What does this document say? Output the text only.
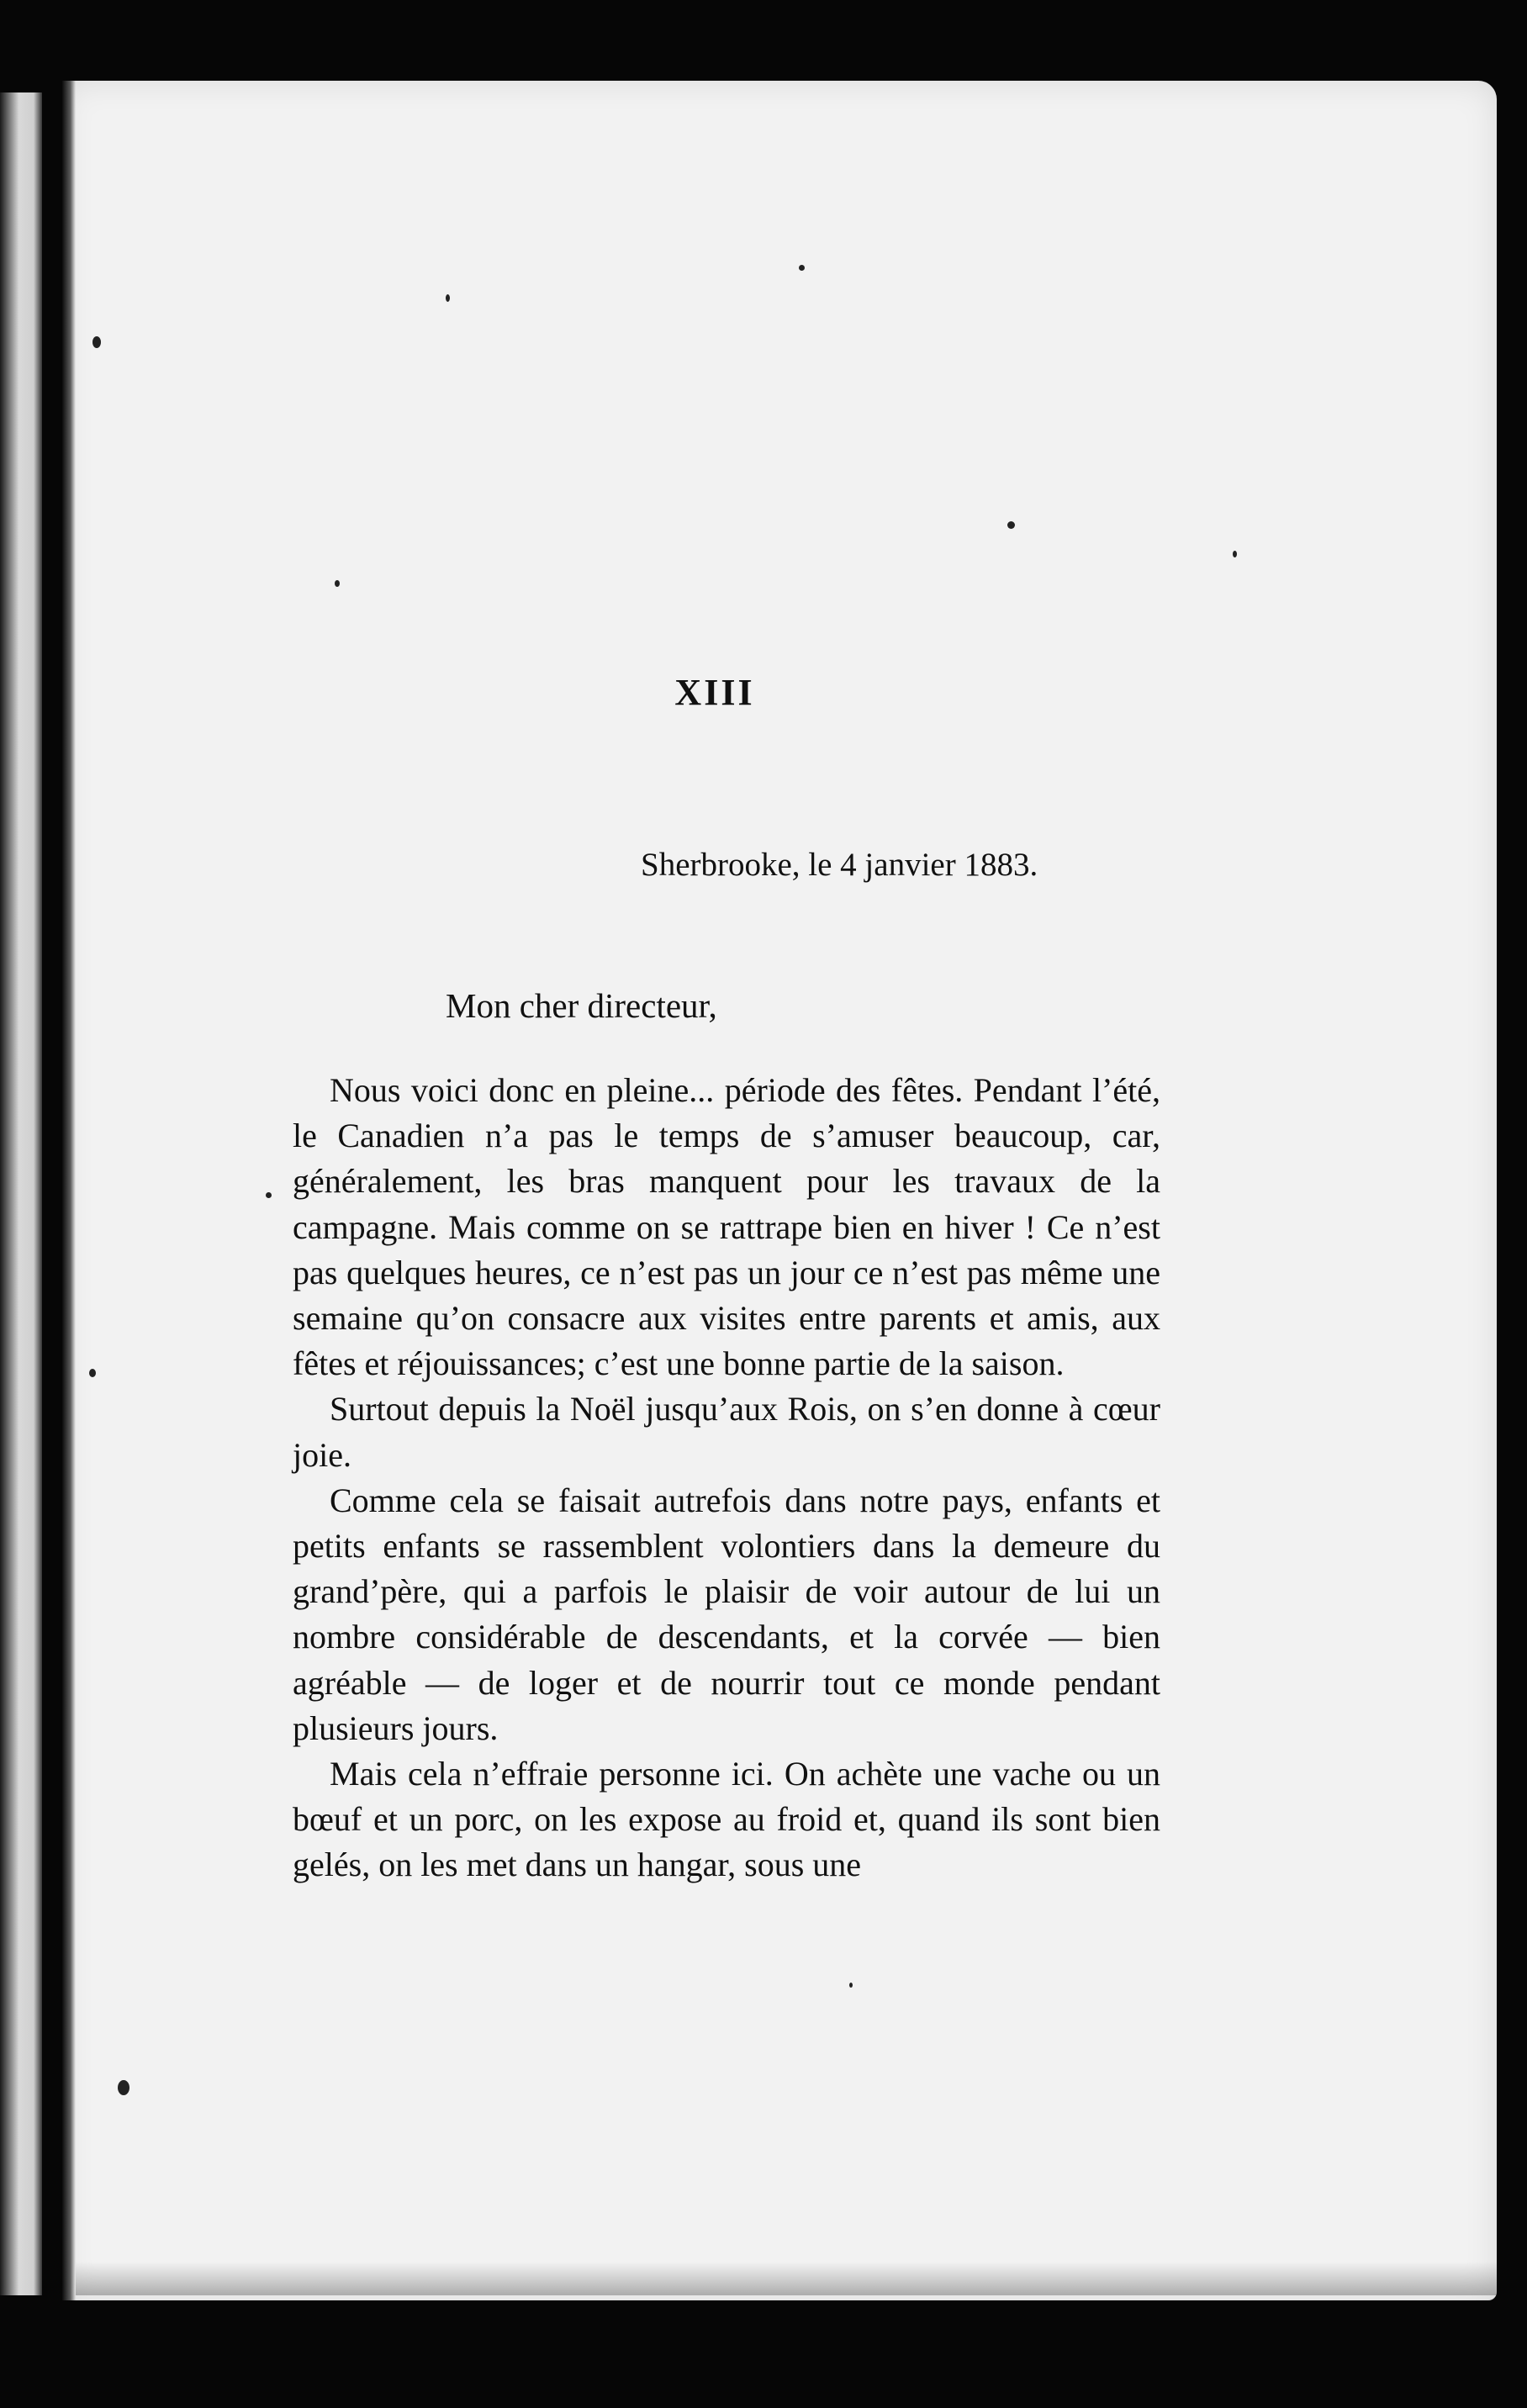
XIII
Sherbrooke, le 4 janvier 1883.
Mon cher directeur,

Nous voici donc en pleine... période des fêtes. Pendant l’été, le Canadien n’a pas le temps de s’amuser beaucoup, car, généralement, les bras manquent pour les travaux de la campagne. Mais comme on se rattrape bien en hiver ! Ce n’est pas quelques heures, ce n’est pas un jour ce n’est pas même une semaine qu’on consacre aux visites entre parents et amis, aux fêtes et réjouissances; c’est une bonne partie de la saison.

Surtout depuis la Noël jusqu’aux Rois, on s’en donne à cœur joie.

Comme cela se faisait autrefois dans notre pays, enfants et petits enfants se rassemblent volontiers dans la demeure du grand’père, qui a parfois le plaisir de voir autour de lui un nombre considérable de descendants, et la corvée — bien agréable — de loger et de nourrir tout ce monde pendant plusieurs jours.

Mais cela n’effraie personne ici. On achète une vache ou un bœuf et un porc, on les expose au froid et, quand ils sont bien gelés, on les met dans un hangar, sous une
